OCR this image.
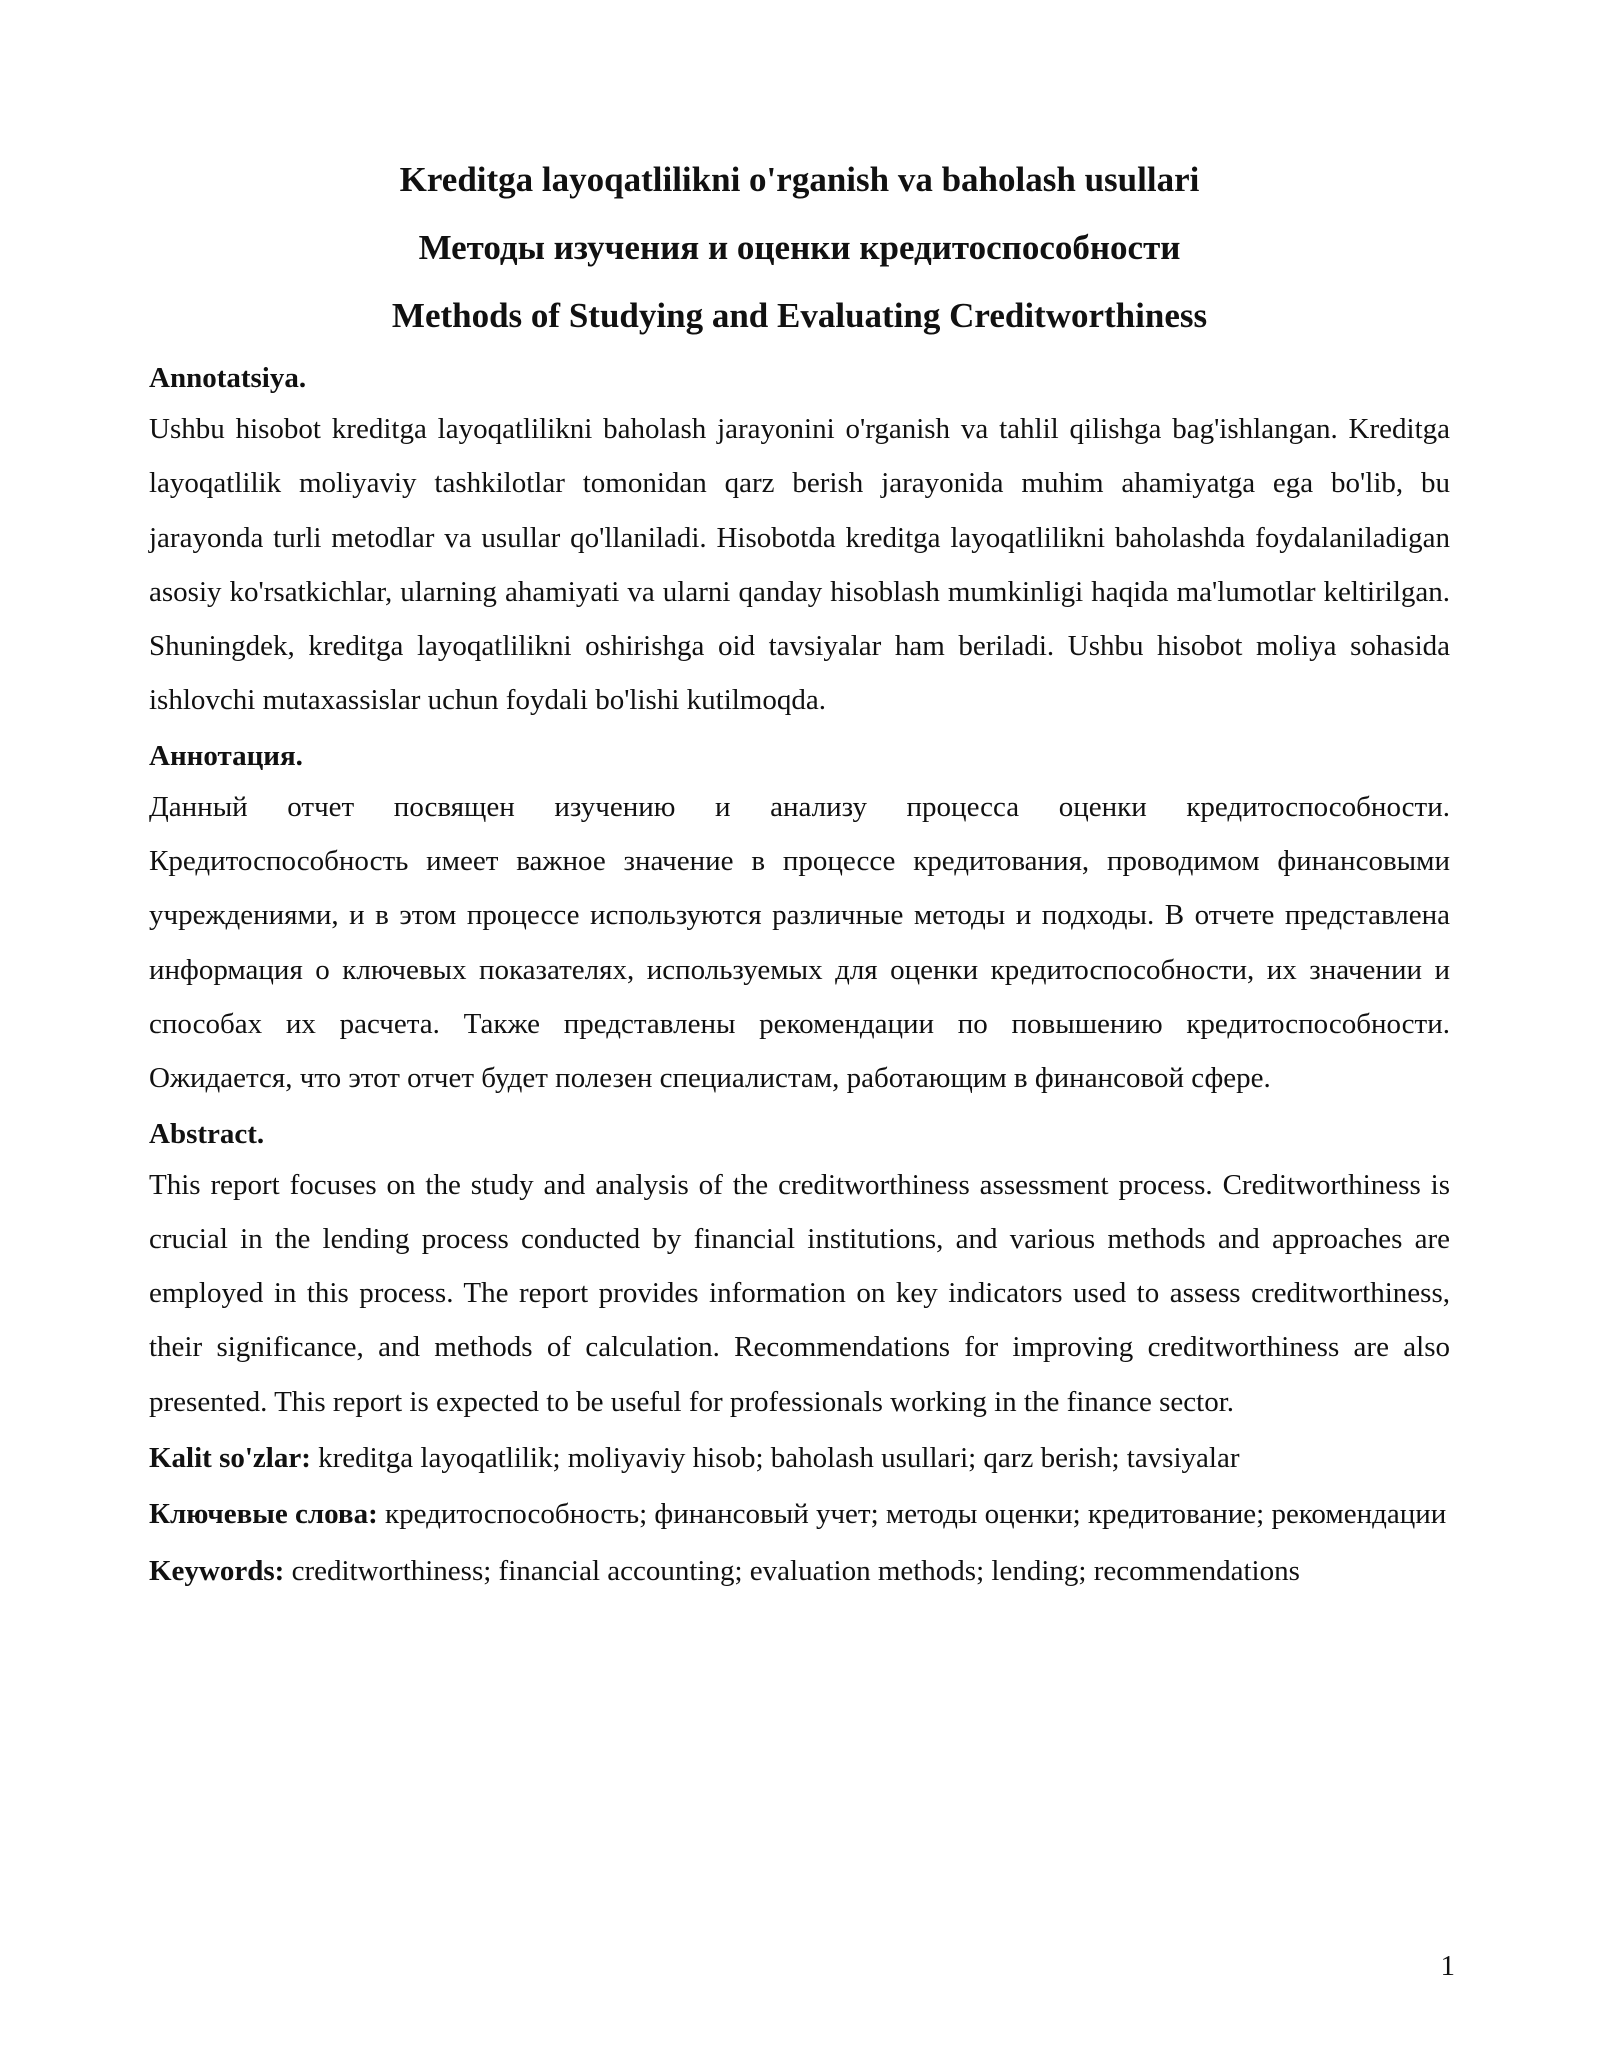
Kreditga layoqatlilikni o'rganish va baholash usullari
Методы изучения и оценки кредитоспособности
Methods of Studying and Evaluating Creditworthiness
Annotatsiya.

Ushbu hisobot kreditga layoqatlilikni baholash jarayonini o'rganish va tahlil qilishga bag'ishlangan. Kreditga layoqatlilik moliyaviy tashkilotlar tomonidan qarz berish jarayonida muhim ahamiyatga ega bo'lib, bu jarayonda turli metodlar va usullar qo'llaniladi. Hisobotda kreditga layoqatlilikni baholashda foydalaniladigan asosiy ko'rsatkichlar, ularning ahamiyati va ularni qanday hisoblash mumkinligi haqida ma'lumotlar keltirilgan. Shuningdek, kreditga layoqatlilikni oshirishga oid tavsiyalar ham beriladi. Ushbu hisobot moliya sohasida ishlovchi mutaxassislar uchun foydali bo'lishi kutilmoqda.

Аннотация.

Данный отчет посвящен изучению и анализу процесса оценки кредитоспособности. Кредитоспособность имеет важное значение в процессе кредитования, проводимом финансовыми учреждениями, и в этом процессе используются различные методы и подходы. В отчете представлена информация о ключевых показателях, используемых для оценки кредитоспособности, их значении и способах их расчета. Также представлены рекомендации по повышению кредитоспособности. Ожидается, что этот отчет будет полезен специалистам, работающим в финансовой сфере.

Abstract.

This report focuses on the study and analysis of the creditworthiness assessment process. Creditworthiness is crucial in the lending process conducted by financial institutions, and various methods and approaches are employed in this process. The report provides information on key indicators used to assess creditworthiness, their significance, and methods of calculation. Recommendations for improving creditworthiness are also presented. This report is expected to be useful for professionals working in the finance sector.

Kalit so'zlar: kreditga layoqatlilik; moliyaviy hisob; baholash usullari; qarz berish; tavsiyalar

Ключевые слова: кредитоспособность; финансовый учет; методы оценки; кредитование; рекомендации

Keywords: creditworthiness; financial accounting; evaluation methods; lending; recommendations

1
